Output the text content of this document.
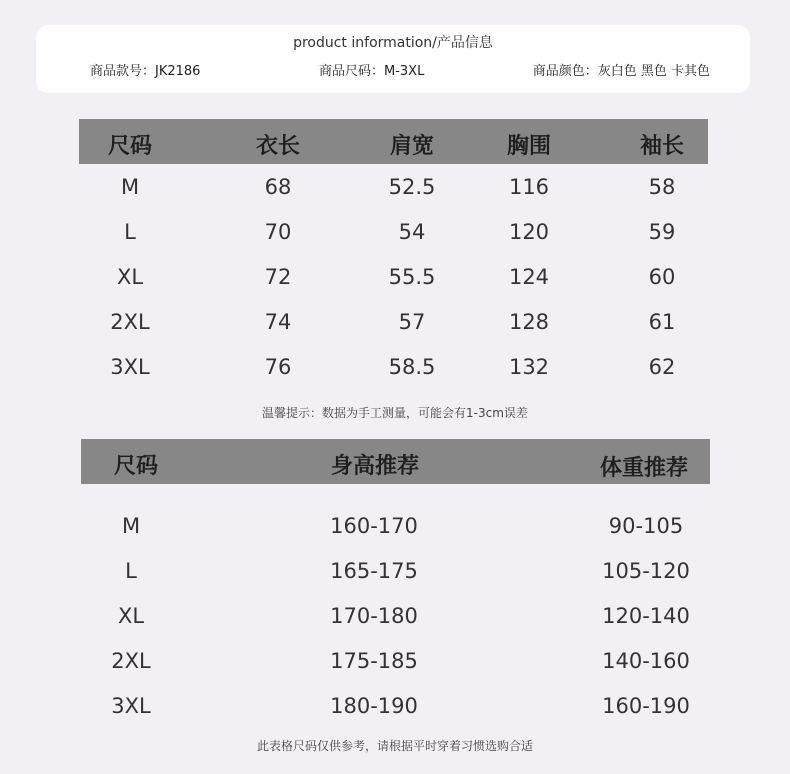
product information/产品信息
商品款号：JK2186	商品尺码：M-3XL	商品颜色：灰白色 黑色 卡其色
尺码	衣长	肩宽	胸围	袖长
M	68	52.5	116	58
L	70	54	120	59
XL	72	55.5	124	60
2XL	74	57	128	61
3XL	76	58.5	132	62
温馨提示：数据为手工测量，可能会有1-3cm误差
尺码	身高推荐	体重推荐
M	160-170	90-105
L	165-175	105-120
XL	170-180	120-140
2XL	175-185	140-160
3XL	180-190	160-190
此表格尺码仅供参考，请根据平时穿着习惯选购合适
